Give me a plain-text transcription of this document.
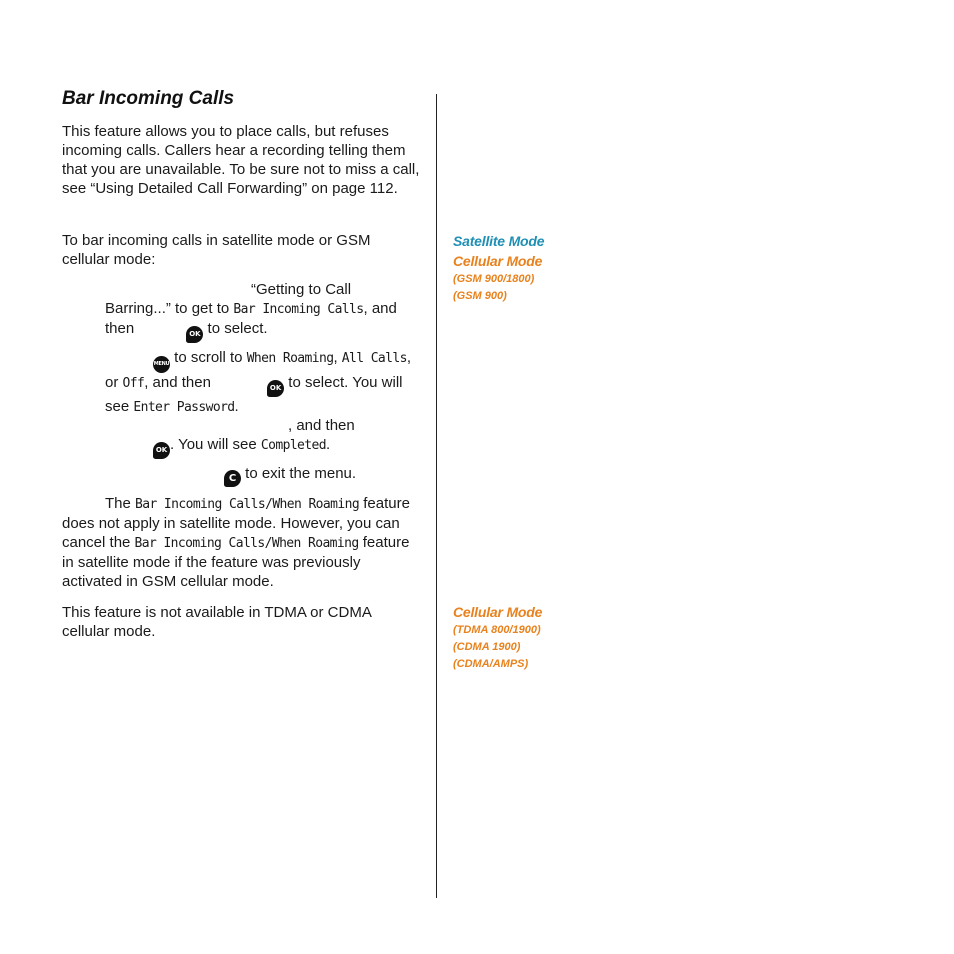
Bar Incoming Calls

This feature allows you to place calls, but refuses incoming calls. Callers hear a recording telling them that you are unavailable. To be sure not to miss a call, see “Using Detailed Call Forwarding” on page 112.

To bar incoming calls in satellite mode or GSM cellular mode:

“Getting to Call
Barring...” to get to Bar Incoming Calls, and
then	OK to select.
MENU to scroll to When Roaming, All Calls,
or Off, and then	OK to select. You will
see Enter Password.
, and then
OK . You will see Completed.
C to exit the menu.

The Bar Incoming Calls/When Roaming feature does not apply in satellite mode. However, you can cancel the Bar Incoming Calls/When Roaming feature in satellite mode if the feature was previously activated in GSM cellular mode.

This feature is not available in TDMA or CDMA cellular mode.

Satellite Mode
Cellular Mode
(GSM 900/1800)
(GSM 900)
Cellular Mode
(TDMA 800/1900)
(CDMA 1900)
(CDMA/AMPS)
